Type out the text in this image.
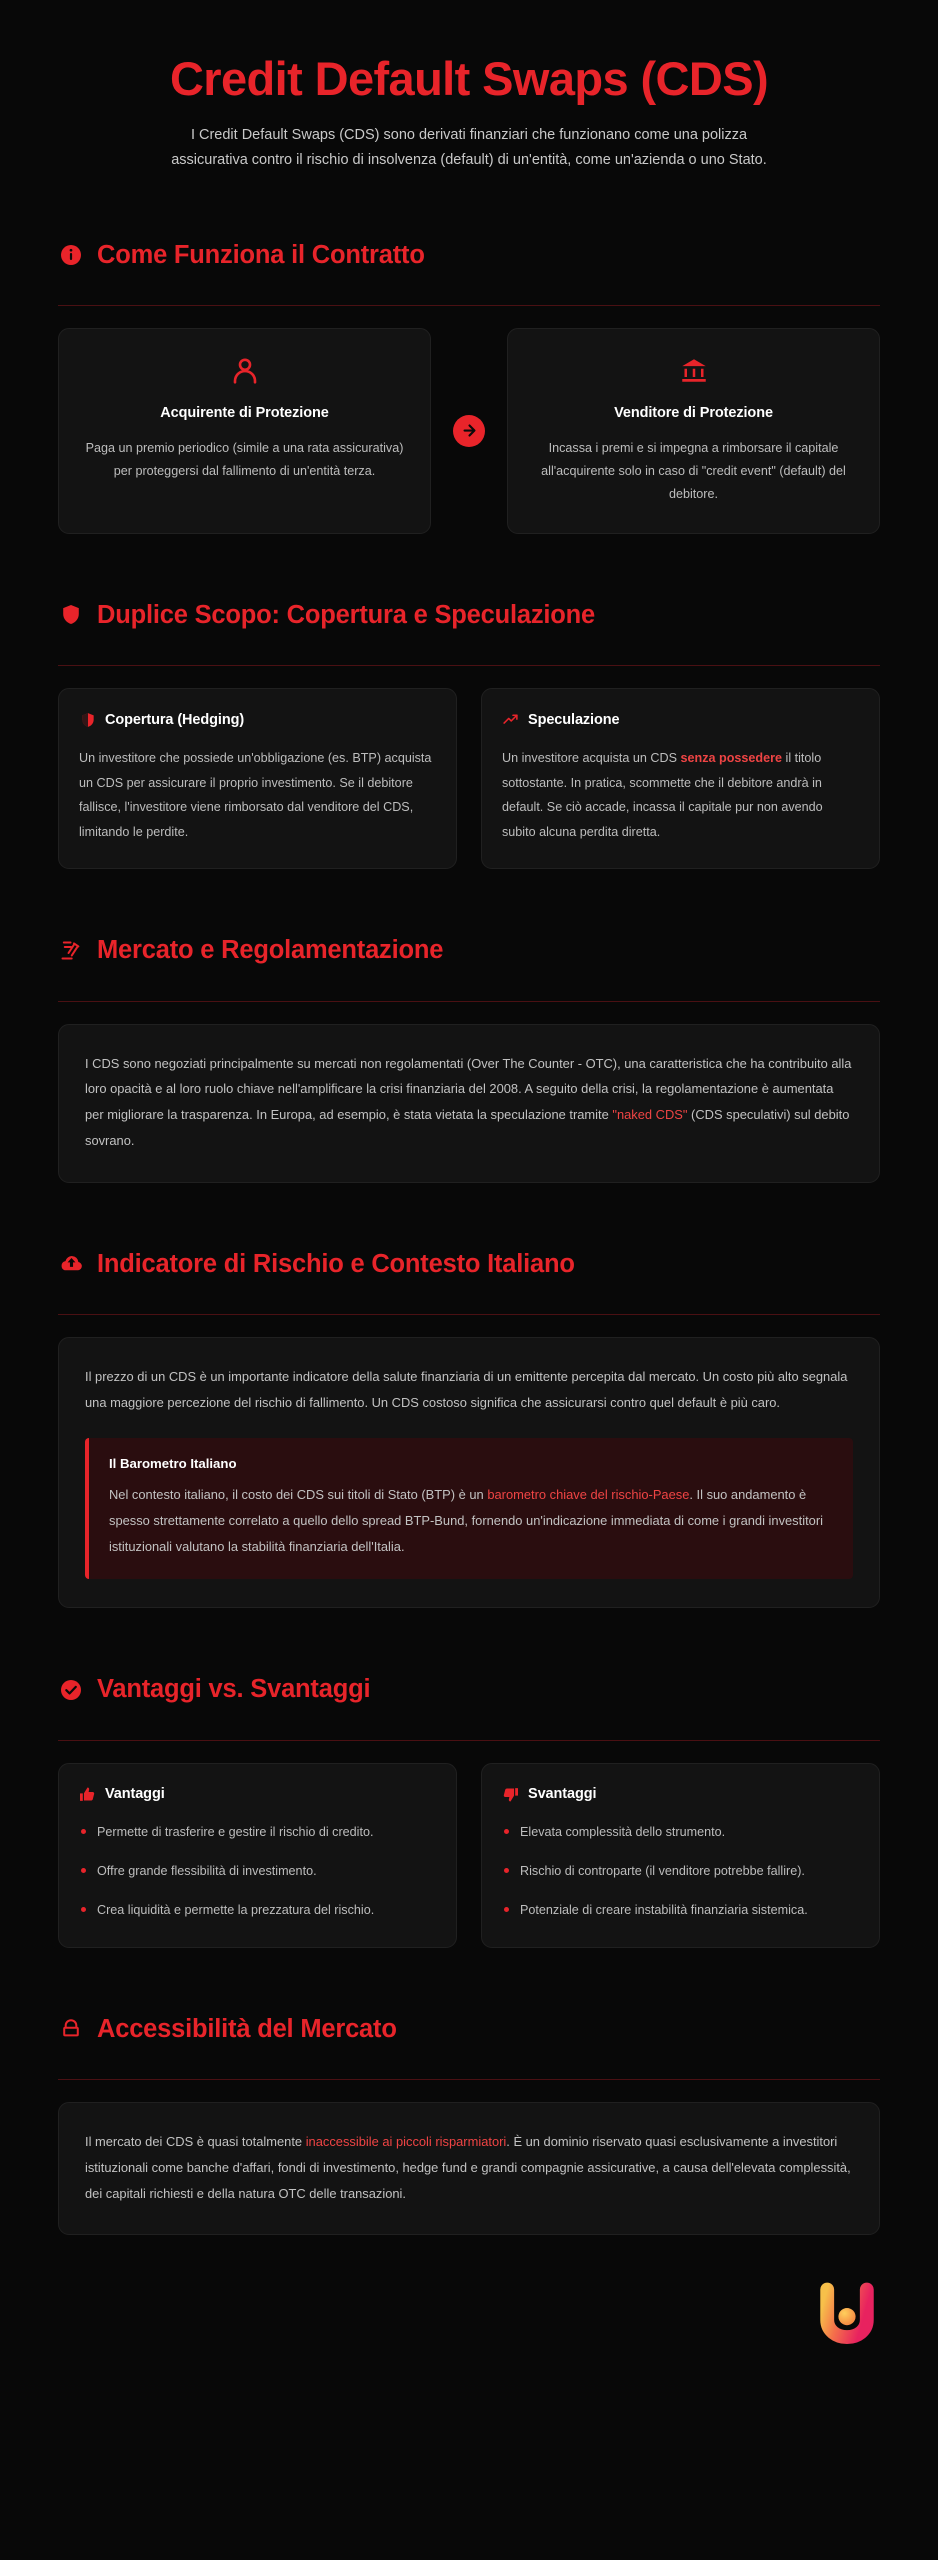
Credit Default Swaps (CDS)

I Credit Default Swaps (CDS) sono derivati finanziari che funzionano come una polizza assicurativa contro il rischio di insolvenza (default) di un'entità, come un'azienda o uno Stato.

Come Funziona il Contratto
Acquirente di Protezione
Paga un premio periodico (simile a una rata assicurativa) per proteggersi dal fallimento di un'entità terza.
Venditore di Protezione
Incassa i premi e si impegna a rimborsare il capitale all'acquirente solo in caso di "credit event" (default) del debitore.
Duplice Scopo: Copertura e Speculazione
Copertura (Hedging)

Un investitore che possiede un'obbligazione (es. BTP) acquista un CDS per assicurare il proprio investimento. Se il debitore fallisce, l'investitore viene rimborsato dal venditore del CDS, limitando le perdite.

Speculazione

Un investitore acquista un CDS senza possedere il titolo sottostante. In pratica, scommette che il debitore andrà in default. Se ciò accade, incassa il capitale pur non avendo subito alcuna perdita diretta.

Mercato e Regolamentazione

I CDS sono negoziati principalmente su mercati non regolamentati (Over The Counter - OTC), una caratteristica che ha contribuito alla loro opacità e al loro ruolo chiave nell'amplificare la crisi finanziaria del 2008. A seguito della crisi, la regolamentazione è aumentata per migliorare la trasparenza. In Europa, ad esempio, è stata vietata la speculazione tramite "naked CDS" (CDS speculativi) sul debito sovrano.

Indicatore di Rischio e Contesto Italiano

Il prezzo di un CDS è un importante indicatore della salute finanziaria di un emittente percepita dal mercato. Un costo più alto segnala una maggiore percezione del rischio di fallimento. Un CDS costoso significa che assicurarsi contro quel default è più caro.

Il Barometro Italiano

Nel contesto italiano, il costo dei CDS sui titoli di Stato (BTP) è un barometro chiave del rischio-Paese. Il suo andamento è spesso strettamente correlato a quello dello spread BTP-Bund, fornendo un'indicazione immediata di come i grandi investitori istituzionali valutano la stabilità finanziaria dell'Italia.

Vantaggi vs. Svantaggi
Vantaggi
Permette di trasferire e gestire il rischio di credito.
Offre grande flessibilità di investimento.
Crea liquidità e permette la prezzatura del rischio.
Svantaggi
Elevata complessità dello strumento.
Rischio di controparte (il venditore potrebbe fallire).
Potenziale di creare instabilità finanziaria sistemica.
Accessibilità del Mercato

Il mercato dei CDS è quasi totalmente inaccessibile ai piccoli risparmiatori. È un dominio riservato quasi esclusivamente a investitori istituzionali come banche d'affari, fondi di investimento, hedge fund e grandi compagnie assicurative, a causa dell'elevata complessità, dei capitali richiesti e della natura OTC delle transazioni.
